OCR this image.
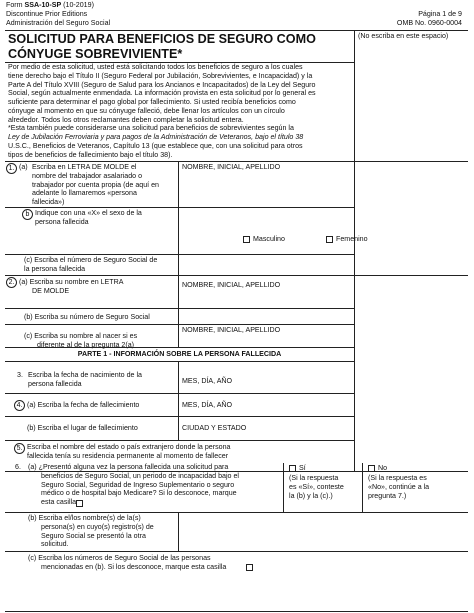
Form SSA-10-SP (10-2019)
Discontinue Prior Editions
Administración del Seguro Social
Página 1 de 9
OMB No. 0960-0004
SOLICITUD PARA BENEFICIOS DE SEGURO COMO
CÓNYUGE SOBREVIVIENTE*
(No escriba en este espacio)
Por medio de esta solicitud, usted está solicitando todos los beneficios de seguro a los cuales
tiene derecho bajo el Título II (Seguro Federal por Jubilación, Sobrevivientes, e Incapacidad) y la
Parte A del Título XVIII (Seguro de Salud para los Ancianos e Incapacitados) de la Ley del Seguro
Social, según actualmente enmendada. La información provista en esta solicitud por lo general es
suficiente para determinar el pago global por fallecimiento. Si usted recibía beneficios como
cónyuge al momento en que su cónyuge falleció, debe llenar los artículos con un círculo
alrededor. Todos los otros reclamantes deben completar la solicitud entera.
*Esta también puede considerarse una solicitud para beneficios de sobrevivientes según la
Ley de Jubilación Ferroviaria y para pagos de la Administración de Veteranos, bajo el título 38
U.S.C., Beneficios de Veteranos, Capítulo 13 (que establece que, con una solicitud para otros
tipos de beneficios de fallecimiento bajo el título 38).
1. (a) Escriba en LETRA DE MOLDE el
nombre del trabajador asalariado o
trabajador por cuenta propia (de aquí en
adelante lo llamaremos «persona
fallecida»)
NOMBRE, INICIAL, APELLIDO
b Indique con una «X» el sexo de la
persona fallecida
Masculino	Femenino
(c) Escriba el número de Seguro Social de
la persona fallecida
2. (a) Escriba su nombre en LETRA
DE MOLDE
NOMBRE, INICIAL, APELLIDO
(b) Escriba su número de Seguro Social
(c) Escriba su nombre al nacer si es
diferente al de la pregunta 2(a)
NOMBRE, INICIAL, APELLIDO
PARTE 1 - INFORMACIÓN SOBRE LA PERSONA FALLECIDA
3. Escriba la fecha de nacimiento de la
persona fallecida	MES, DÍA, AÑO
4. (a) Escriba la fecha de fallecimiento	MES, DÍA, AÑO
(b) Escriba el lugar de fallecimiento	CIUDAD Y ESTADO
5. Escriba el nombre del estado o país extranjero donde la persona
fallecida tenía su residencia permanente al momento de fallecer
6. (a) ¿Presentó alguna vez la persona fallecida una solicitud para
beneficios de Seguro Social, un periodo de incapacidad bajo el
Seguro Social, Seguridad de Ingreso Suplementario o seguro
médico o de hospital bajo Medicare? Si lo desconoce, marque
esta casilla
Sí
(Si la respuesta
es «Sí», conteste
la (b) y la (c).)
No
(Si la respuesta es
«No», continúe a la
pregunta 7.)
(b) Escriba el/los nombre(s) de la(s)
persona(s) en cuyo(s) registro(s) de
Seguro Social se presentó la otra
solicitud.
(c) Escriba los números de Seguro Social de las personas
mencionadas en (b). Si los desconoce, marque esta casilla
